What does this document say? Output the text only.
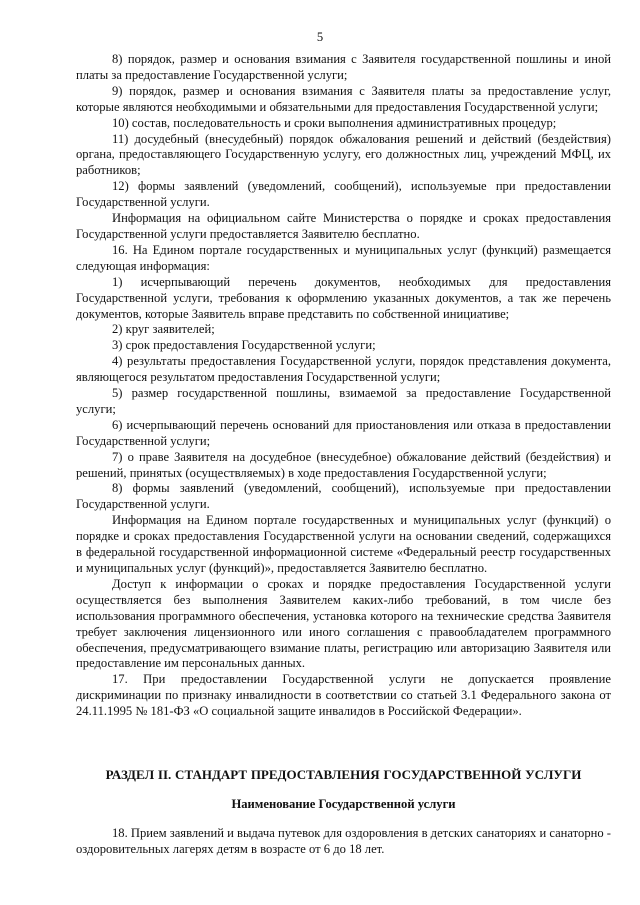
5

8) порядок, размер и основания взимания с Заявителя государственной пошлины и иной платы за предоставление Государственной услуги;

9) порядок, размер и основания взимания с Заявителя платы за предоставление услуг, которые являются необходимыми и обязательными для предоставления Государственной услуги;

10) состав, последовательность и сроки выполнения административных процедур;

11) досудебный (внесудебный) порядок обжалования решений и действий (бездействия) органа, предоставляющего Государственную услугу, его должностных лиц, учреждений МФЦ, их работников;

12) формы заявлений (уведомлений, сообщений), используемые при предоставлении Государственной услуги.

Информация на официальном сайте Министерства о порядке и сроках предоставления Государственной услуги предоставляется Заявителю бесплатно.

16. На Едином портале государственных и муниципальных услуг (функций) размещается следующая информация:

1) исчерпывающий перечень документов, необходимых для предоставления Государственной услуги, требования к оформлению указанных документов, а так же перечень документов, которые Заявитель вправе представить по собственной инициативе;

2) круг заявителей;

3) срок предоставления Государственной услуги;

4) результаты предоставления Государственной услуги, порядок представления документа, являющегося результатом предоставления Государственной услуги;

5) размер государственной пошлины, взимаемой за предоставление Государственной услуги;

6) исчерпывающий перечень оснований для приостановления или отказа в предоставлении Государственной услуги;

7) о праве Заявителя на досудебное (внесудебное) обжалование действий (бездействия) и решений, принятых (осуществляемых) в ходе предоставления Государственной услуги;

8) формы заявлений (уведомлений, сообщений), используемые при предоставлении Государственной услуги.

Информация на Едином портале государственных и муниципальных услуг (функций) о порядке и сроках предоставления Государственной услуги на основании сведений, содержащихся в федеральной государственной информационной системе «Федеральный реестр государственных и муниципальных услуг (функций)», предоставляется Заявителю бесплатно.

Доступ к информации о сроках и порядке предоставления Государственной услуги осуществляется без выполнения Заявителем каких-либо требований, в том числе без использования программного обеспечения, установка которого на технические средства Заявителя требует заключения лицензионного или иного соглашения с правообладателем программного обеспечения, предусматривающего взимание платы, регистрацию или авторизацию Заявителя или предоставление им персональных данных.

17. При предоставлении Государственной услуги не допускается проявление дискриминации по признаку инвалидности в соответствии со статьей 3.1 Федерального закона от 24.11.1995 № 181-ФЗ «О социальной защите инвалидов в Российской Федерации».

РАЗДЕЛ II. СТАНДАРТ ПРЕДОСТАВЛЕНИЯ ГОСУДАРСТВЕННОЙ УСЛУГИ
Наименование Государственной услуги

18. Прием заявлений и выдача путевок для оздоровления в детских санаториях и санаторно - оздоровительных лагерях детям в возрасте от 6 до 18 лет.
